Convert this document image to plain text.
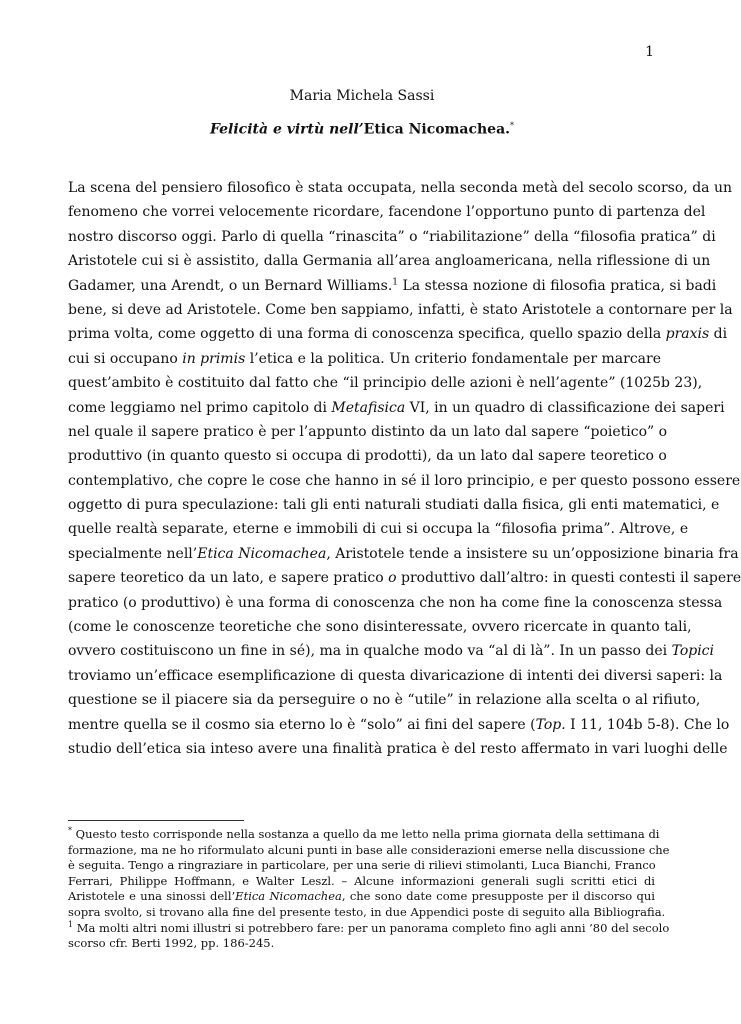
1
Maria Michela Sassi
Felicità e virtù nell’Etica Nicomachea.*
La scena del pensiero filosofico è stata occupata, nella seconda metà del secolo scorso, da un
fenomeno che vorrei velocemente ricordare, facendone l’opportuno punto di partenza del
nostro discorso oggi. Parlo di quella “rinascita” o “riabilitazione” della “filosofia pratica” di
Aristotele cui si è assistito, dalla Germania all’area angloamericana, nella riflessione di un
Gadamer, una Arendt, o un Bernard Williams.$^1$ La stessa nozione di filosofia pratica, si badi
bene, si deve ad Aristotele. Come ben sappiamo, infatti, è stato Aristotele a contornare per la
prima volta, come oggetto di una forma di conoscenza specifica, quello spazio della praxis di
cui si occupano in primis l’etica e la politica. Un criterio fondamentale per marcare
quest’ambito è costituito dal fatto che “il principio delle azioni è nell’agente” (1025b 23),
come leggiamo nel primo capitolo di Metafisica VI, in un quadro di classificazione dei saperi
nel quale il sapere pratico è per l’appunto distinto da un lato dal sapere “poietico” o
produttivo (in quanto questo si occupa di prodotti), da un lato dal sapere teoretico o
contemplativo, che copre le cose che hanno in sé il loro principio, e per questo possono essere
oggetto di pura speculazione: tali gli enti naturali studiati dalla fisica, gli enti matematici, e
quelle realtà separate, eterne e immobili di cui si occupa la “filosofia prima”. Altrove, e
specialmente nell’Etica Nicomachea, Aristotele tende a insistere su un’opposizione binaria fra
sapere teoretico da un lato, e sapere pratico o produttivo dall’altro: in questi contesti il sapere
pratico (o produttivo) è una forma di conoscenza che non ha come fine la conoscenza stessa
(come le conoscenze teoretiche che sono disinteressate, ovvero ricercate in quanto tali,
ovvero costituiscono un fine in sé), ma in qualche modo va “al di là”. In un passo dei Topici
troviamo un’efficace esemplificazione di questa divaricazione di intenti dei diversi saperi: la
questione se il piacere sia da perseguire o no è “utile” in relazione alla scelta o al rifiuto,
mentre quella se il cosmo sia eterno lo è “solo” ai fini del sapere (Top. I 11, 104b 5-8). Che lo
studio dell’etica sia inteso avere una finalità pratica è del resto affermato in vari luoghi delle
* Questo testo corrisponde nella sostanza a quello da me letto nella prima giornata della settimana di
formazione, ma ne ho riformulato alcuni punti in base alle considerazioni emerse nella discussione che
è seguita. Tengo a ringraziare in particolare, per una serie di rilievi stimolanti, Luca Bianchi, Franco
Ferrari, Philippe Hoffmann, e Walter Leszl. – Alcune informazioni generali sugli scritti etici di
Aristotele e una sinossi dell’Etica Nicomachea, che sono date come presupposte per il discorso qui
sopra svolto, si trovano alla fine del presente testo, in due Appendici poste di seguito alla Bibliografia.
$^1$ Ma molti altri nomi illustri si potrebbero fare: per un panorama completo fino agli anni ’80 del secolo
scorso cfr. Berti 1992, pp. 186-245.
